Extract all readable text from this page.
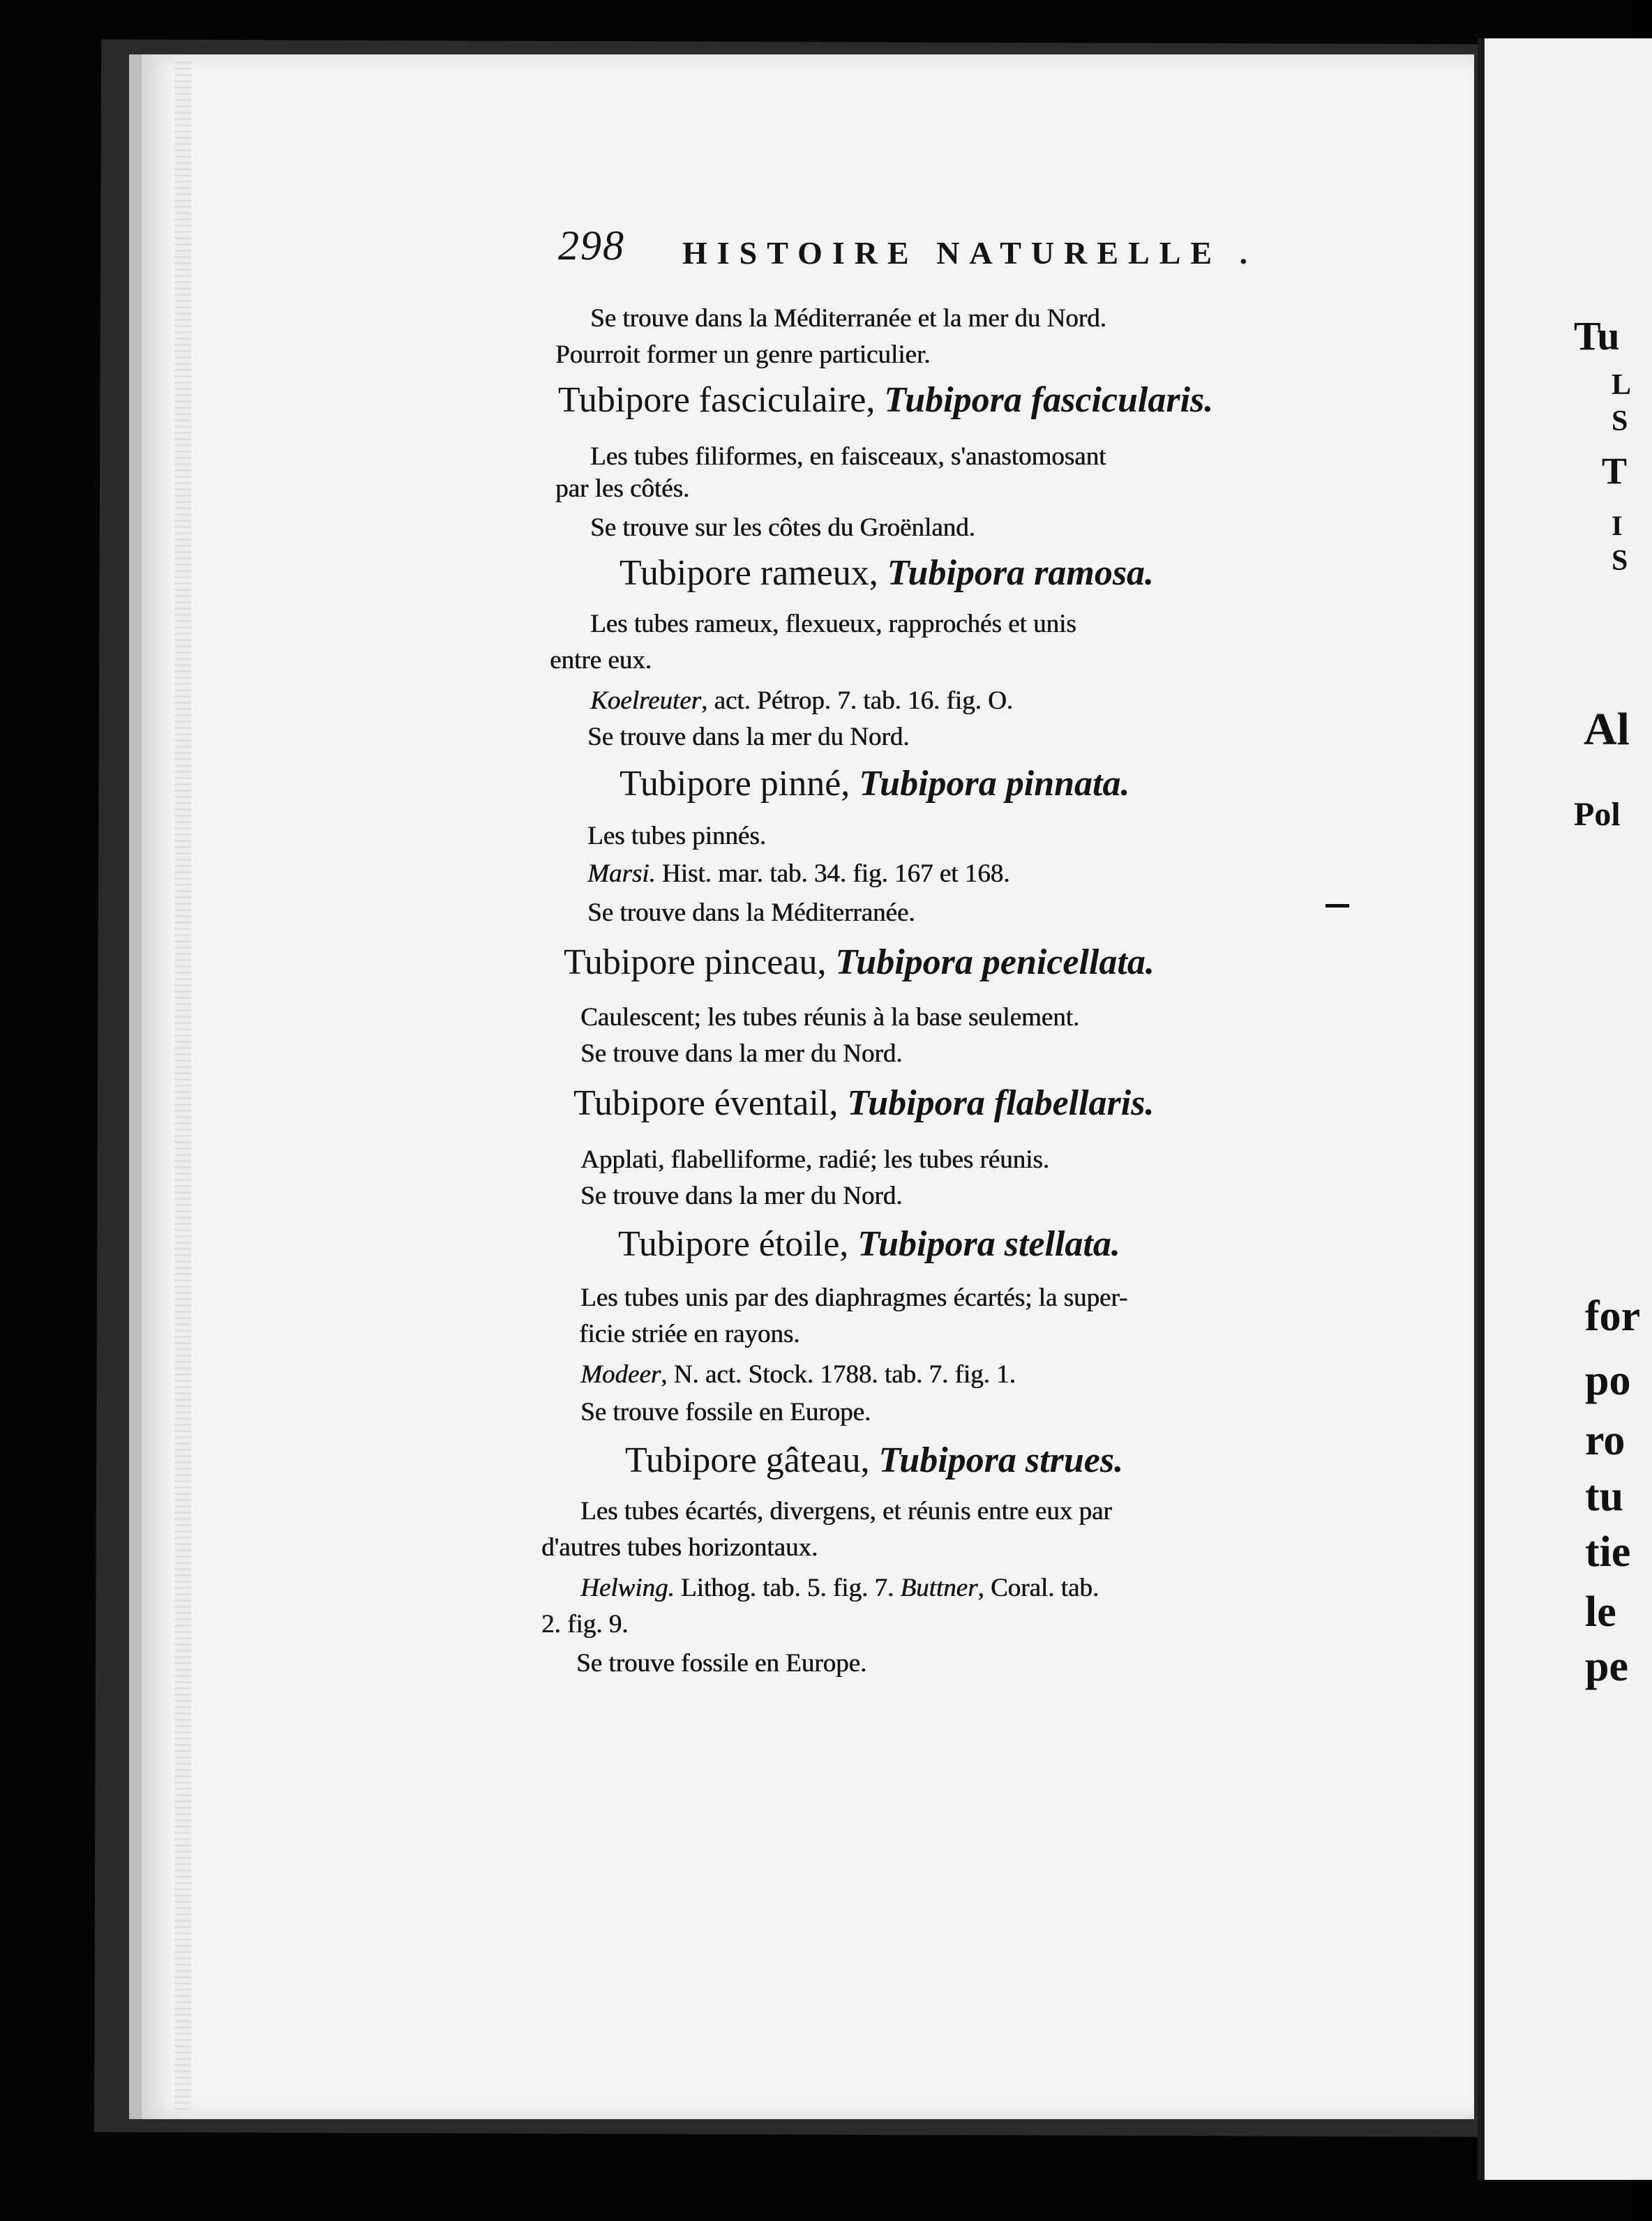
298 HISTOIRE NATURELLE .
Se trouve dans la Méditerranée et la mer du Nord.
Pourroit former un genre particulier.
Tubipore fasciculaire, Tubipora fascicularis.
Les tubes filiformes, en faisceaux, s'anastomosant
par les côtés.
Se trouve sur les côtes du Groënland.
Tubipore rameux, Tubipora ramosa.
Les tubes rameux, flexueux, rapprochés et unis
entre eux.
Koelreuter, act. Pétrop. 7. tab. 16. fig. O.
Se trouve dans la mer du Nord.
Tubipore pinné, Tubipora pinnata.
Les tubes pinnés.
Marsi. Hist. mar. tab. 34. fig. 167 et 168.
Se trouve dans la Méditerranée.
Tubipore pinceau, Tubipora penicellata.
Caulescent; les tubes réunis à la base seulement.
Se trouve dans la mer du Nord.
Tubipore éventail, Tubipora flabellaris.
Applati, flabelliforme, radié; les tubes réunis.
Se trouve dans la mer du Nord.
Tubipore étoile, Tubipora stellata.
Les tubes unis par des diaphragmes écartés; la super-
ficie striée en rayons.
Modeer, N. act. Stock. 1788. tab. 7. fig. 1.
Se trouve fossile en Europe.
Tubipore gâteau, Tubipora strues.
Les tubes écartés, divergens, et réunis entre eux par
d'autres tubes horizontaux.
Helwing. Lithog. tab. 5. fig. 7. Buttner, Coral. tab.
2. fig. 9.
Se trouve fossile en Europe.
Tu
L
S
T
I
S
Al
Pol
for
po
ro
tu
tie
le
pe
